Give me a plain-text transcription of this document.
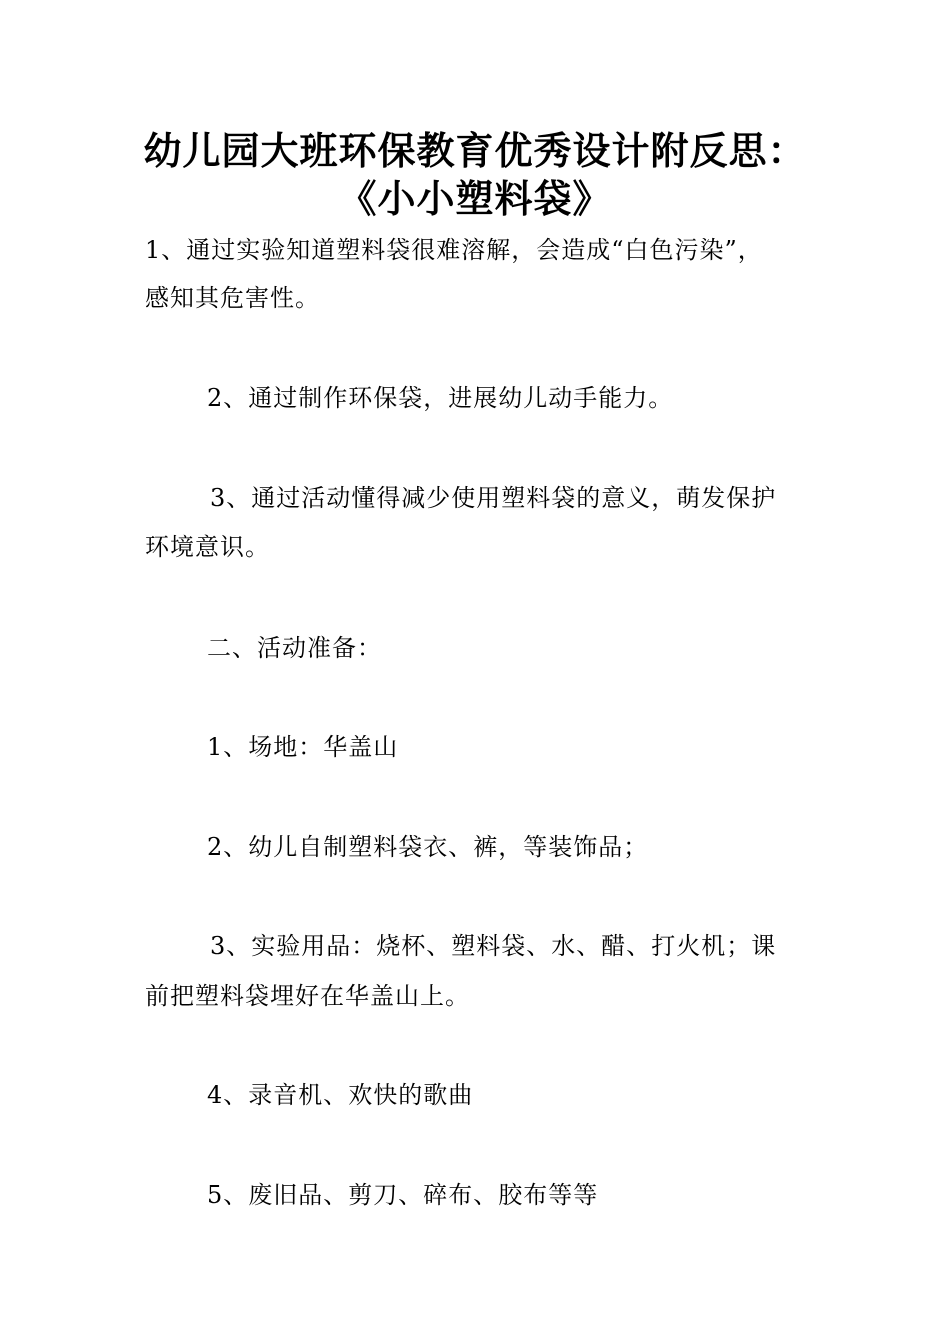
幼儿园大班环保教育优秀设计附反思：
《小小塑料袋》
1、通过实验知道塑料袋很难溶解，会造成“白色污染”，
感知其危害性。
2、通过制作环保袋，进展幼儿动手能力。
3、通过活动懂得减少使用塑料袋的意义，萌发保护
环境意识。
二、活动准备：
1、场地：华盖山
2、幼儿自制塑料袋衣、裤，等装饰品；
3、实验用品：烧杯、塑料袋、水、醋、打火机；课
前把塑料袋埋好在华盖山上。
4、录音机、欢快的歌曲
5、废旧品、剪刀、碎布、胶布等等
